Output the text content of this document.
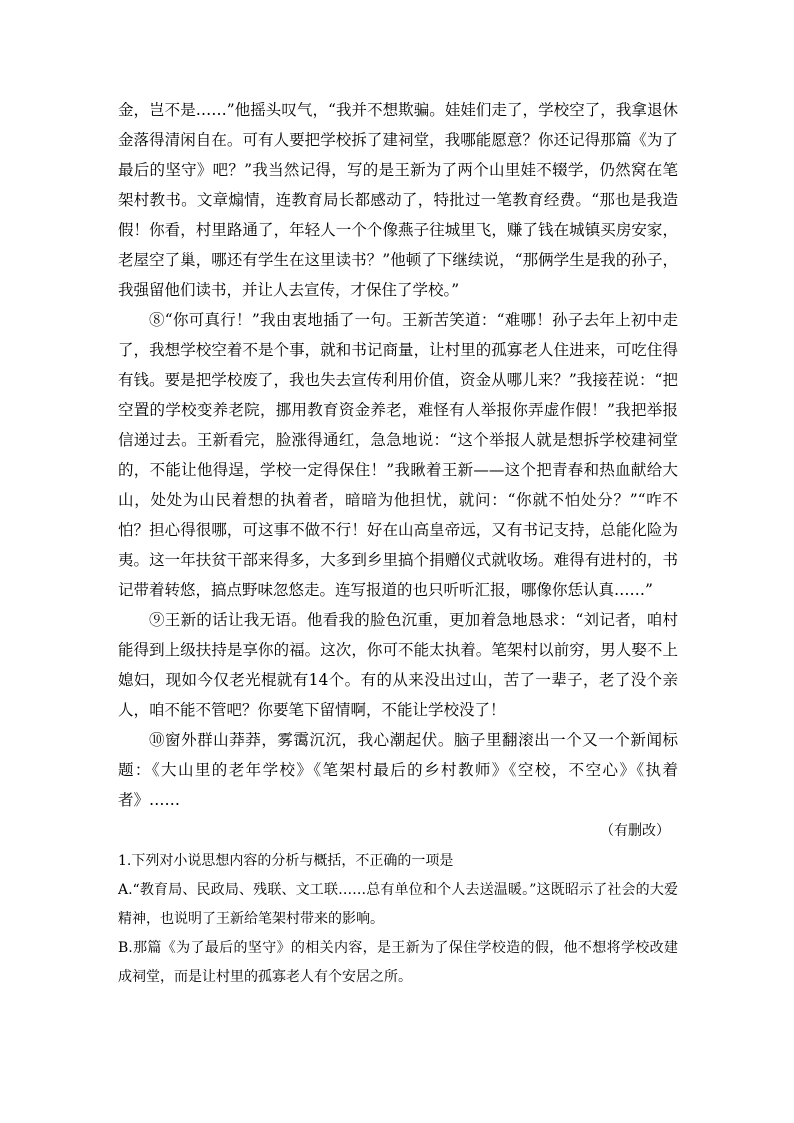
金，岂不是……”他摇头叹气，“我并不想欺骗。娃娃们走了，学校空了，我拿退休金落得清闲自在。可有人要把学校拆了建祠堂，我哪能愿意？你还记得那篇《为了最后的坚守》吧？”我当然记得，写的是王新为了两个山里娃不辍学，仍然窝在笔架村教书。文章煽情，连教育局长都感动了，特批过一笔教育经费。“那也是我造假！你看，村里路通了，年轻人一个个像燕子往城里飞，赚了钱在城镇买房安家，老屋空了巢，哪还有学生在这里读书？”他顿了下继续说，“那俩学生是我的孙子，我强留他们读书，并让人去宣传，才保住了学校。”

⑧“你可真行！”我由衷地插了一句。王新苦笑道：“难哪！孙子去年上初中走了，我想学校空着不是个事，就和书记商量，让村里的孤寡老人住进来，可吃住得有钱。要是把学校废了，我也失去宣传利用价值，资金从哪儿来？”我接茬说：“把空置的学校变养老院，挪用教育资金养老，难怪有人举报你弄虚作假！”我把举报信递过去。王新看完，脸涨得通红，急急地说：“这个举报人就是想拆学校建祠堂的，不能让他得逞，学校一定得保住！”我瞅着王新——这个把青春和热血献给大山，处处为山民着想的执着者，暗暗为他担忧，就问：“你就不怕处分？”“咋不怕？担心得很哪，可这事不做不行！好在山高皇帝远，又有书记支持，总能化险为夷。这一年扶贫干部来得多，大多到乡里搞个捐赠仪式就收场。难得有进村的，书记带着转悠，搞点野味忽悠走。连写报道的也只听听汇报，哪像你恁认真……”

⑨王新的话让我无语。他看我的脸色沉重，更加着急地恳求：“刘记者，咱村能得到上级扶持是享你的福。这次，你可不能太执着。笔架村以前穷，男人娶不上媳妇，现如今仅老光棍就有14个。有的从来没出过山，苦了一辈子，老了没个亲人，咱不能不管吧？你要笔下留情啊，不能让学校没了！

⑩窗外群山莽莽，雾霭沉沉，我心潮起伏。脑子里翻滚出一个又一个新闻标题：《大山里的老年学校》《笔架村最后的乡村教师》《空校，不空心》《执着者》……

（有删改）

1.下列对小说思想内容的分析与概括，不正确的一项是

A.“教育局、民政局、残联、文工联……总有单位和个人去送温暖。”这既昭示了社会的大爱精神，也说明了王新给笔架村带来的影响。

B.那篇《为了最后的坚守》的相关内容，是王新为了保住学校造的假，他不想将学校改建成祠堂，而是让村里的孤寡老人有个安居之所。
